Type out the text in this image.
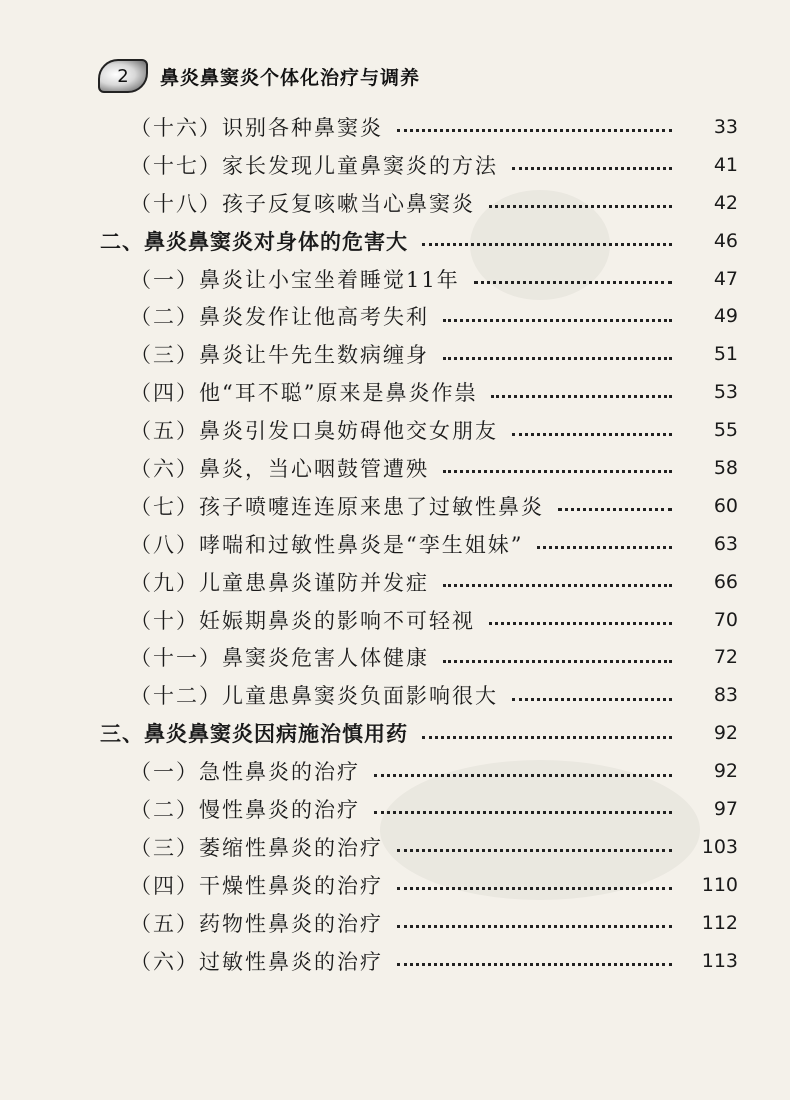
2 鼻炎鼻窦炎个体化治疗与调养
（十六）识别各种鼻窦炎	33
（十七）家长发现儿童鼻窦炎的方法	41
（十八）孩子反复咳嗽当心鼻窦炎	42
二、鼻炎鼻窦炎对身体的危害大	46
（一）鼻炎让小宝坐着睡觉11年	47
（二）鼻炎发作让他高考失利	49
（三）鼻炎让牛先生数病缠身	51
（四）他“耳不聪”原来是鼻炎作祟	53
（五）鼻炎引发口臭妨碍他交女朋友	55
（六）鼻炎，当心咽鼓管遭殃	58
（七）孩子喷嚏连连原来患了过敏性鼻炎	60
（八）哮喘和过敏性鼻炎是“孪生姐妹”	63
（九）儿童患鼻炎谨防并发症	66
（十）妊娠期鼻炎的影响不可轻视	70
（十一）鼻窦炎危害人体健康	72
（十二）儿童患鼻窦炎负面影响很大	83
三、鼻炎鼻窦炎因病施治慎用药	92
（一）急性鼻炎的治疗	92
（二）慢性鼻炎的治疗	97
（三）萎缩性鼻炎的治疗	103
（四）干燥性鼻炎的治疗	110
（五）药物性鼻炎的治疗	112
（六）过敏性鼻炎的治疗	113
